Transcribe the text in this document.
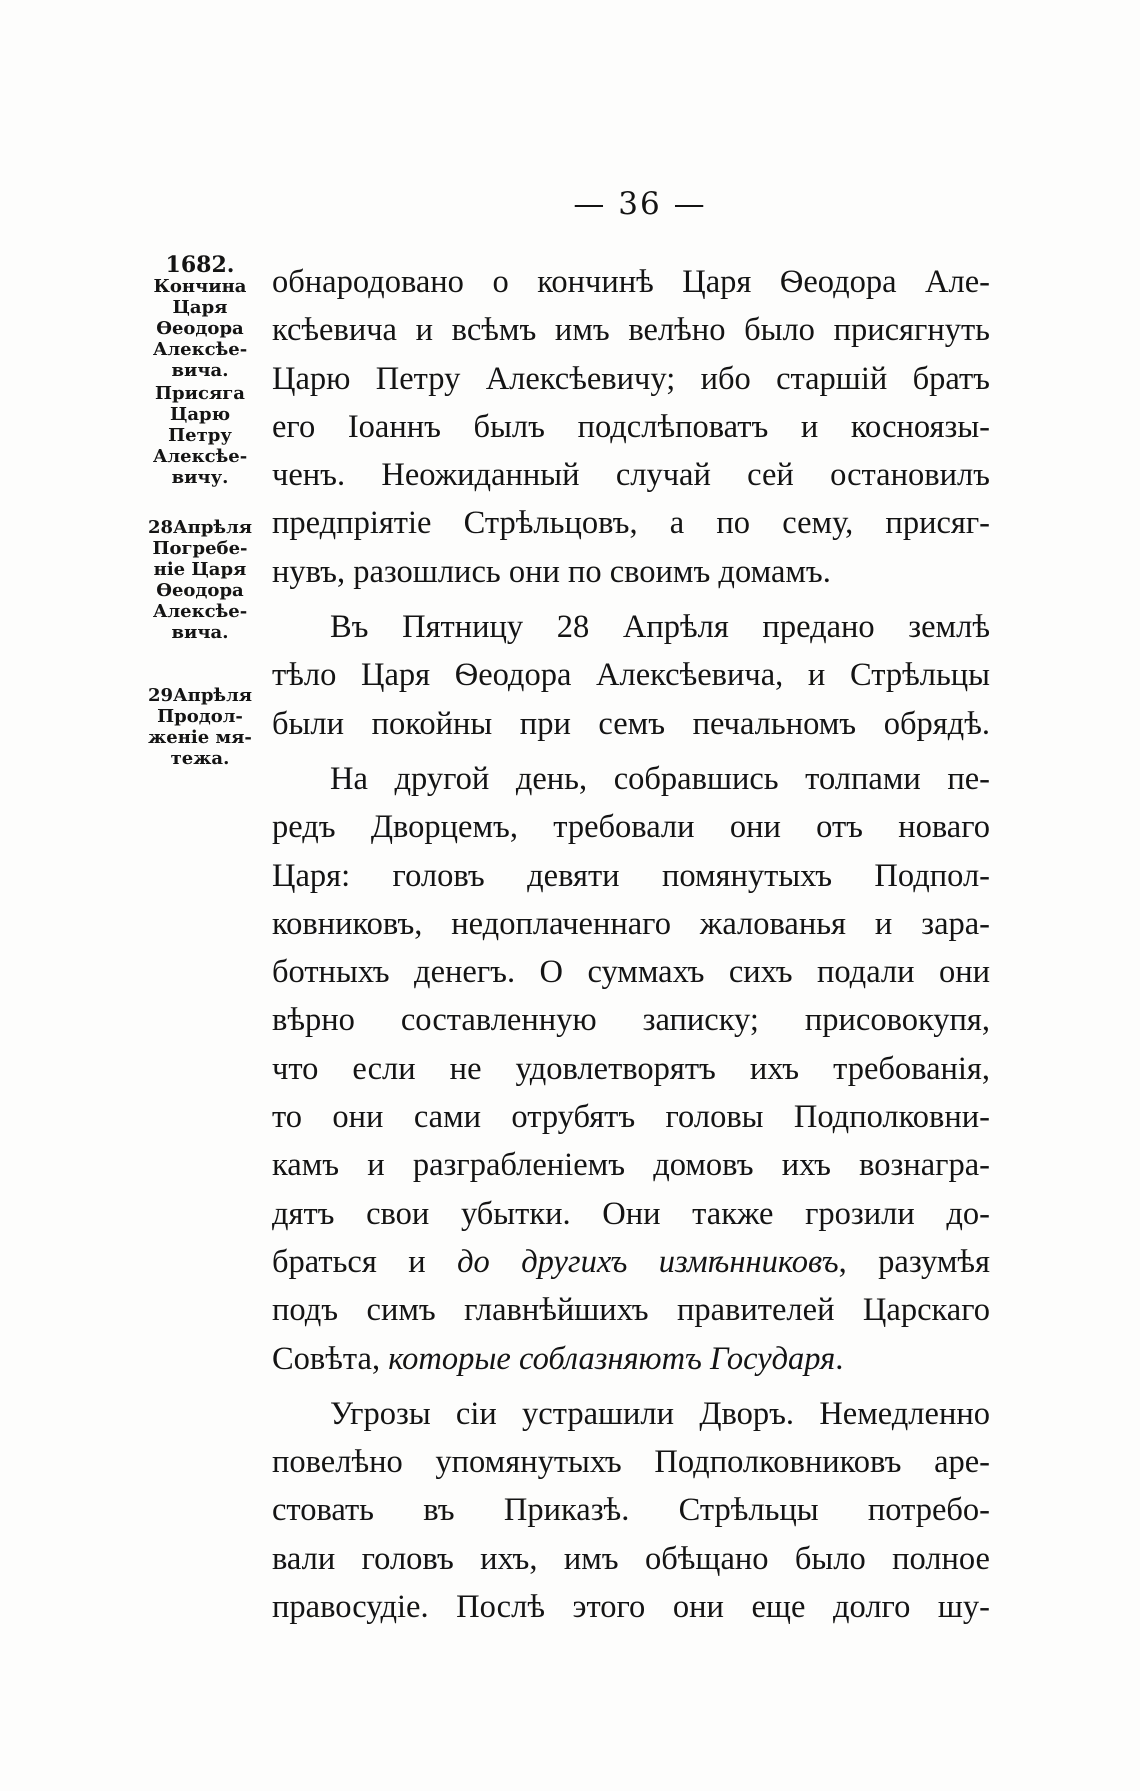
— 36 —
1682.
Кончина
Царя
Ѳеодора
Алексѣе-
вича.
Присяга
Царю
Петру
Алексѣе-
вичу.
28Апрѣля
Погребе-
ніе Царя
Ѳеодора
Алексѣе-
вича.
29Апрѣля
Продол-
женіе мя-
тежа.
обнародовано о кончинѣ Царя Ѳеодора Але-
ксѣевича и всѣмъ имъ велѣно было присягнуть
Царю Петру Алексѣевичу; ибо старшій братъ
его Іоаннъ былъ подслѣповатъ и косноязы-
ченъ. Неожиданный случай сей остановилъ
предпріятіе Стрѣльцовъ, а по сему, присяг-
нувъ, разошлись они по своимъ домамъ.
Въ Пятницу 28 Апрѣля предано землѣ
тѣло Царя Ѳеодора Алексѣевича, и Стрѣльцы
были покойны при семъ печальномъ обрядѣ.
На другой день, собравшись толпами пе-
редъ Дворцемъ, требовали они отъ новаго
Царя: головъ девяти помянутыхъ Подпол-
ковниковъ, недоплаченнаго жалованья и зара-
ботныхъ денегъ. О суммахъ сихъ подали они
вѣрно составленную записку; присовокупя,
что если не удовлетворятъ ихъ требованія,
то они сами отрубятъ головы Подполковни-
камъ и разграбленіемъ домовъ ихъ вознагра-
дятъ свои убытки. Они также грозили до-
браться и до другихъ измѣнниковъ, разумѣя
подъ симъ главнѣйшихъ правителей Царскаго
Совѣта, которые соблазняютъ Государя.
Угрозы сіи устрашили Дворъ. Немедленно
повелѣно упомянутыхъ Подполковниковъ аре-
стовать въ Приказѣ. Стрѣльцы потребо-
вали головъ ихъ, имъ обѣщано было полное
правосудіе. Послѣ этого они еще долго шу-
